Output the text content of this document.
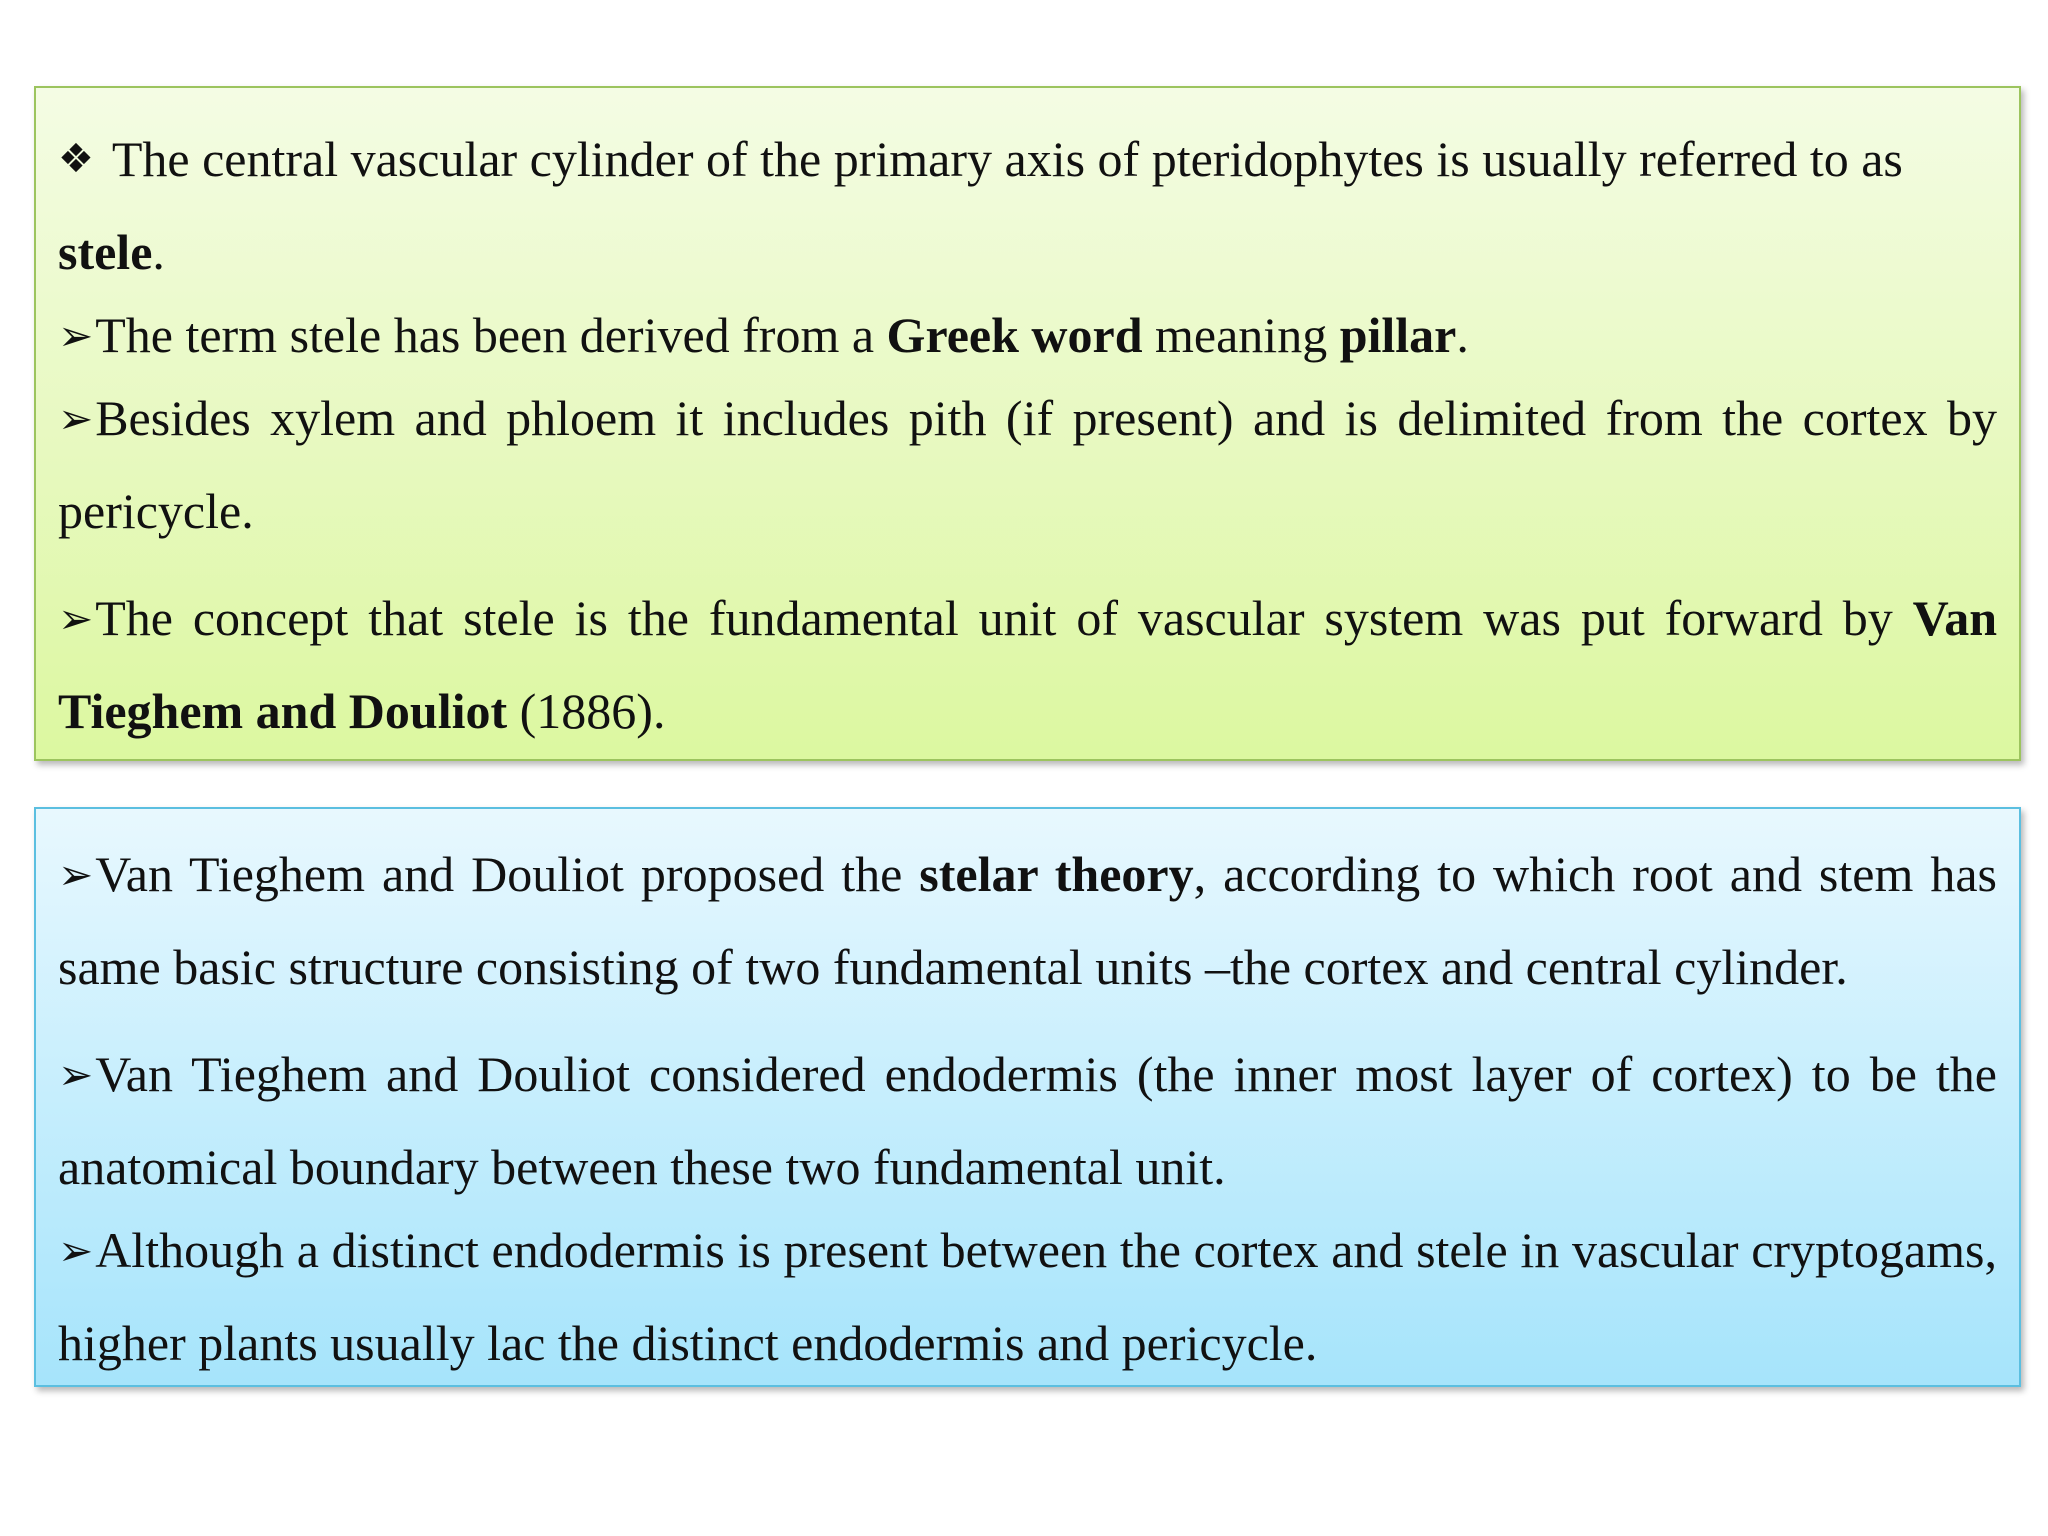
❖ The central vascular cylinder of the primary axis of pteridophytes is usually referred to as
stele.

➢The term stele has been derived from a Greek word meaning pillar.

➢Besides xylem and phloem it includes pith (if present) and is delimited from the cortex by pericycle.

➢The concept that stele is the fundamental unit of vascular system was put forward by Van Tieghem and Douliot (1886).

➢Van Tieghem and Douliot proposed the stelar theory, according to which root and stem has same basic structure consisting of two fundamental units –the cortex and central cylinder.

➢Van Tieghem and Douliot considered endodermis (the inner most layer of cortex) to be the anatomical boundary between these two fundamental unit.

➢Although a distinct endodermis is present between the cortex and stele in vascular cryptogams, higher plants usually lac the distinct endodermis and pericycle.
